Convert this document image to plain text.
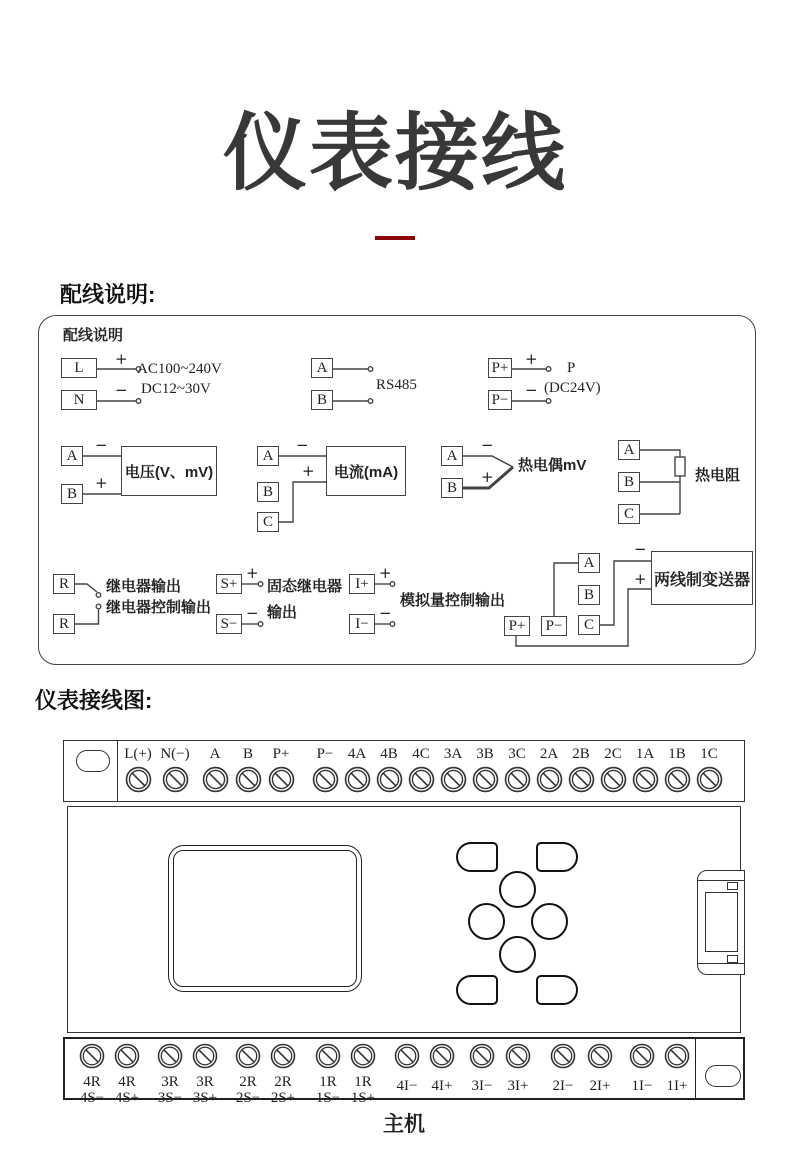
仪表接线
配线说明:
配线说明
L
N
+
−
AC100~240V
DC12~30V
A
B
RS485
P+
P−
+
−
P
(DC24V)
A
B
−
+
电压(V、mV)
A
B
C
−
+	电流(mA)
A
B
−
+
热电偶mV
A
B
C
热电阻
R
R
继电器输出
继电器控制输出
S+
S−
+
−
固态继电器
输出
I+
I−
+
−
模拟量控制输出
A
B
C
P+	P−
−
+ 两线制变送器
仪表接线图:
L(+) N(−)	A	B	P+	P− 4A 4B 4C 3A 3B 3C 2A 2B 2C 1A 1B 1C
4R
4S−
4R
4S+
3R
3S−
3R
3S+
2R
2S−
2R
2S+
1R
1S−
1R
1S+
4I− 4I+	3I−	3I+	2I−	2I+	1I− 1I+
主机
